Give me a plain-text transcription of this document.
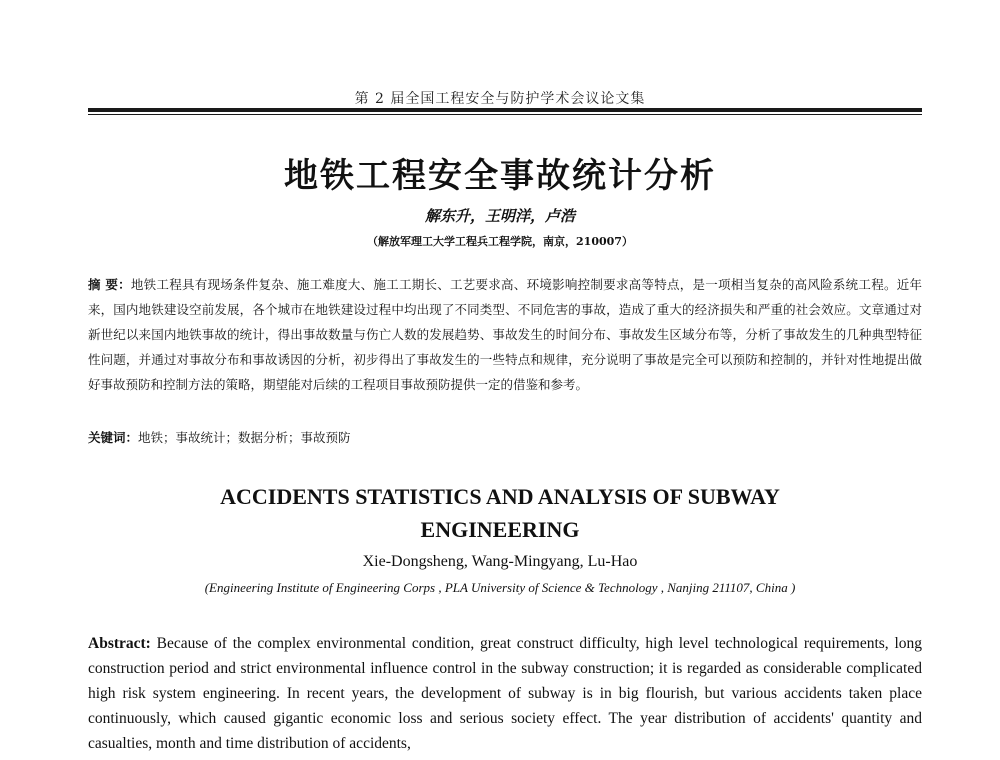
第 2 届全国工程安全与防护学术会议论文集
地铁工程安全事故统计分析
解东升，王明洋，卢浩
（解放军理工大学工程兵工程学院，南京，210007）
摘 要：地铁工程具有现场条件复杂、施工难度大、施工工期长、工艺要求高、环境影响控制要求高等特点，是一项相当复杂的高风险系统工程。近年来，国内地铁建设空前发展，各个城市在地铁建设过程中均出现了不同类型、不同危害的事故，造成了重大的经济损失和严重的社会效应。文章通过对新世纪以来国内地铁事故的统计，得出事故数量与伤亡人数的发展趋势、事故发生的时间分布、事故发生区域分布等，分析了事故发生的几种典型特征性问题，并通过对事故分布和事故诱因的分析，初步得出了事故发生的一些特点和规律，充分说明了事故是完全可以预防和控制的，并针对性地提出做好事故预防和控制方法的策略，期望能对后续的工程项目事故预防提供一定的借鉴和参考。
关键词：地铁；事故统计；数据分析；事故预防
ACCIDENTS STATISTICS AND ANALYSIS OF SUBWAY ENGINEERING
Xie-Dongsheng, Wang-Mingyang, Lu-Hao
(Engineering Institute of Engineering Corps , PLA University of Science & Technology , Nanjing 211107, China )
Abstract: Because of the complex environmental condition, great construct difficulty, high level technological requirements, long construction period and strict environmental influence control in the subway construction; it is regarded as considerable complicated high risk system engineering. In recent years, the development of subway is in big flourish, but various accidents taken place continuously, which caused gigantic economic loss and serious society effect. The year distribution of accidents' quantity and casualties, month and time distribution of accidents,
